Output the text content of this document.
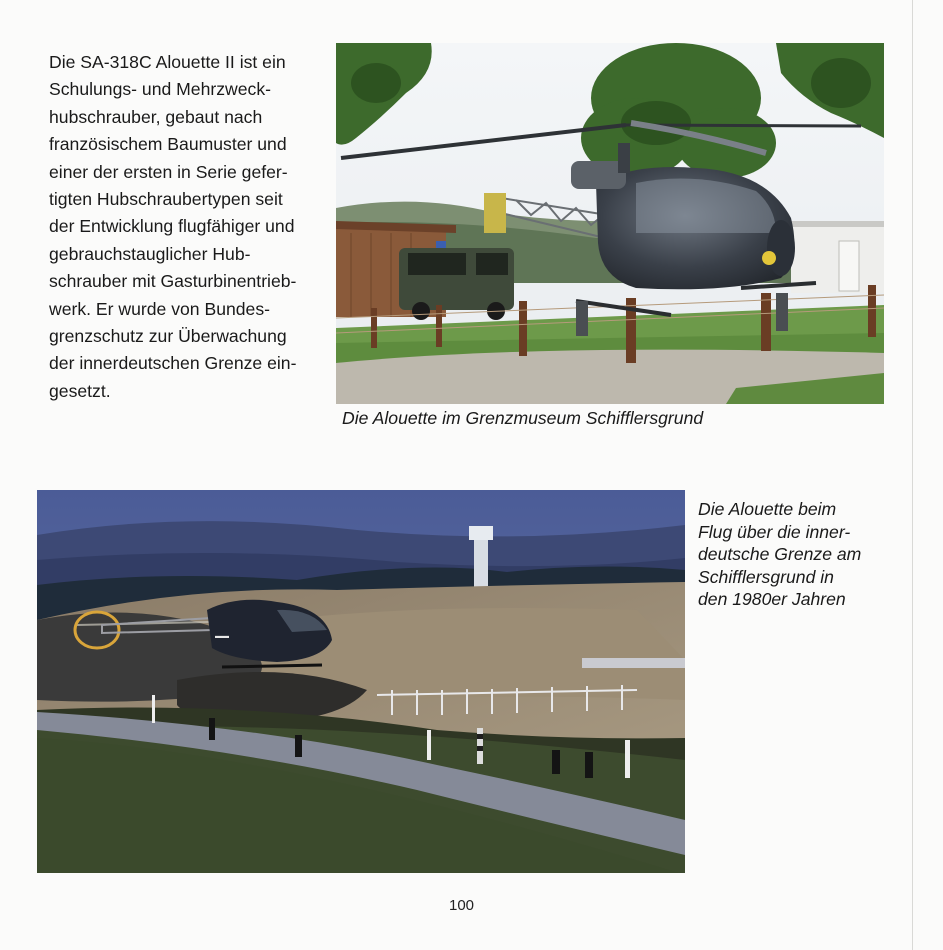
Die SA-318C Alouette II ist ein
Schulungs- und Mehrzweck-
hubschrauber, gebaut nach
französischem Baumuster und
einer der ersten in Serie gefer-
tigten Hubschraubertypen seit
der Entwicklung flugfähiger und
gebrauchstauglicher Hub-
schrauber mit Gasturbinentrieb-
werk. Er wurde von Bundes-
grenzschutz zur Überwachung
der innerdeutschen Grenze ein-
gesetzt.

Die Alouette im Grenzmuseum Schifflersgrund

▬▬

Die Alouette beim
Flug über die inner-
deutsche Grenze am
Schifflersgrund in
den 1980er Jahren

100
